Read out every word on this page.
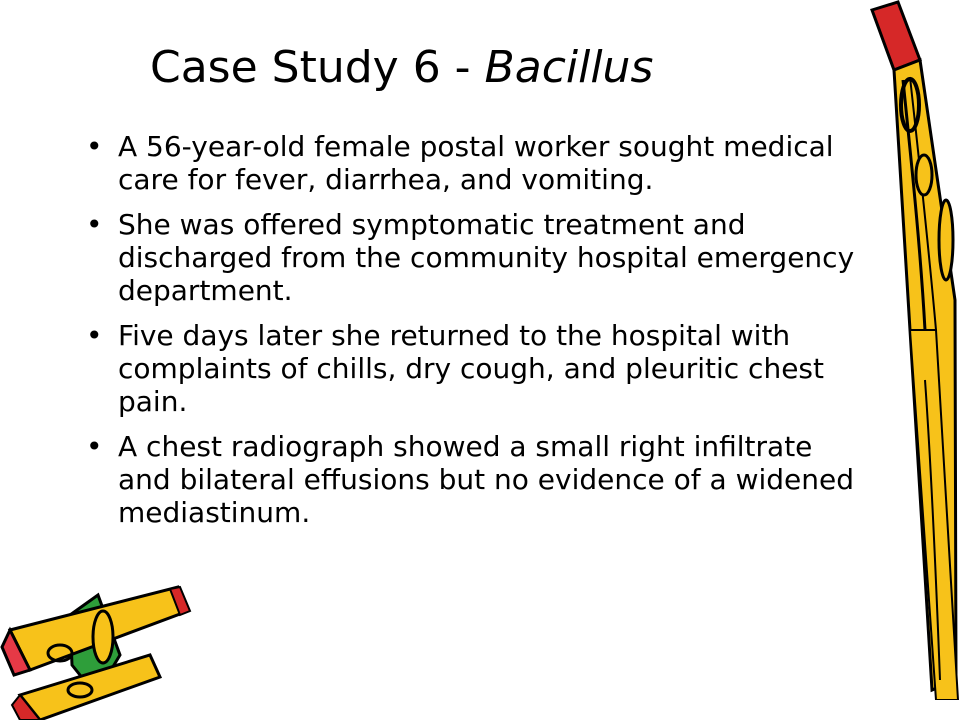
Case Study 6 - Bacillus
• A 56-year-old female postal worker sought medical care for fever, diarrhea, and vomiting.
• She was offered symptomatic treatment and discharged from the community hospital emergency department.
• Five days later she returned to the hospital with complaints of chills, dry cough, and pleuritic chest pain.
• A chest radiograph showed a small right infiltrate and bilateral effusions but no evidence of a widened mediastinum.
